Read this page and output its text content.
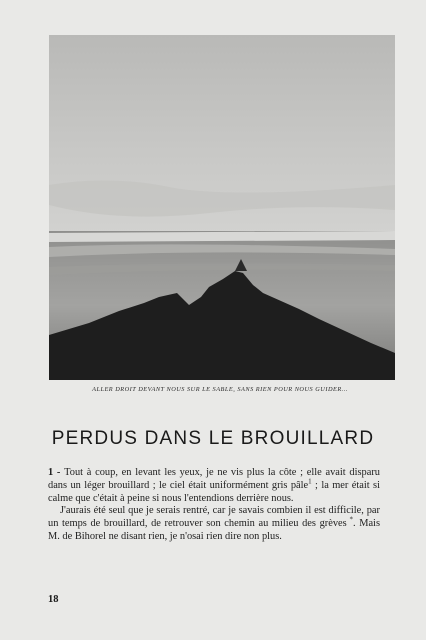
ALLER DROIT DEVANT NOUS SUR LE SABLE, SANS RIEN POUR NOUS GUIDER...
PERDUS DANS LE BROUILLARD

1 - Tout à coup, en levant les yeux, je ne vis plus la côte ; elle avait disparu dans un léger brouillard ; le ciel était uniformément gris pâle$^1$ ; la mer était si calme que c'était à peine si nous l'entendions derrière nous.

J'aurais été seul que je serais rentré, car je savais combien il est difficile, par un temps de brouillard, de retrouver son chemin au milieu des grèves *. Mais M. de Bihorel ne disant rien, je n'osai rien dire non plus.

18
